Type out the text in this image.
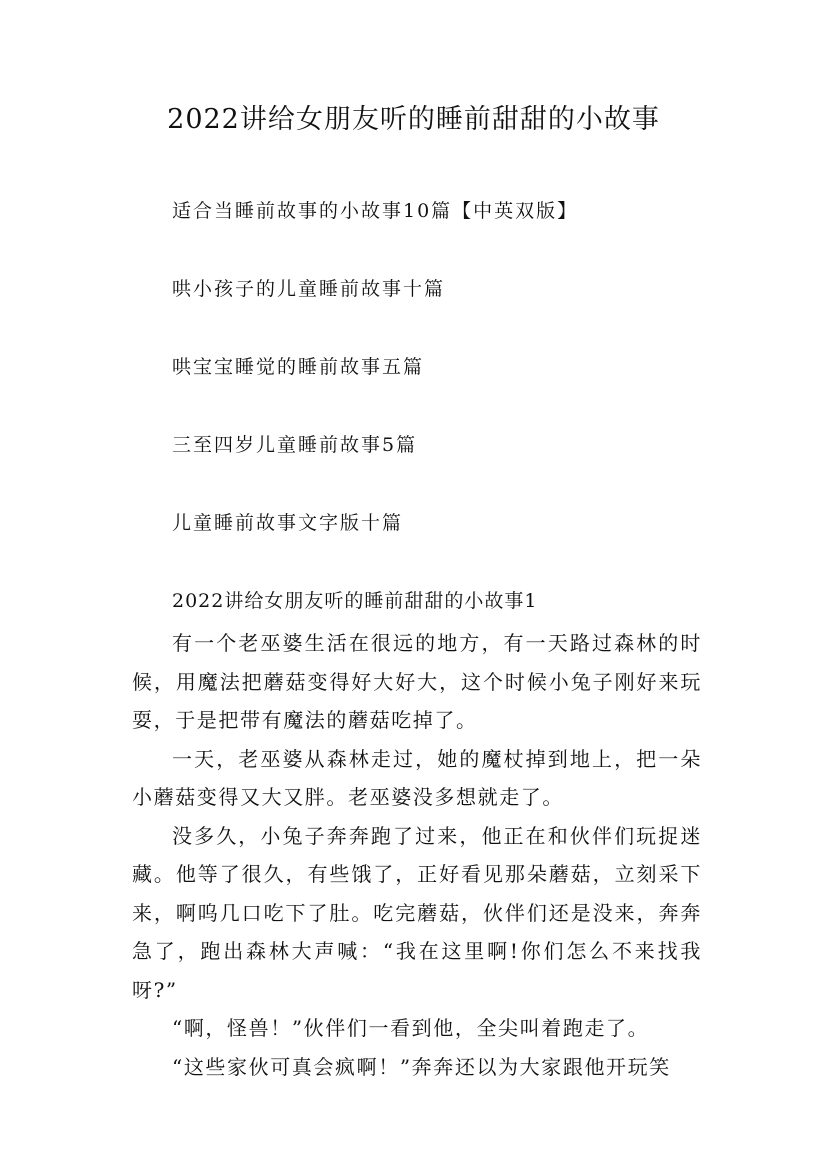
2022讲给女朋友听的睡前甜甜的小故事
适合当睡前故事的小故事10篇【中英双版】
哄小孩子的儿童睡前故事十篇
哄宝宝睡觉的睡前故事五篇
三至四岁儿童睡前故事5篇
儿童睡前故事文字版十篇
2022讲给女朋友听的睡前甜甜的小故事1

有一个老巫婆生活在很远的地方，有一天路过森林的时候，用魔法把蘑菇变得好大好大，这个时候小兔子刚好来玩耍，于是把带有魔法的蘑菇吃掉了。

一天，老巫婆从森林走过，她的魔杖掉到地上，把一朵小蘑菇变得又大又胖。老巫婆没多想就走了。

没多久，小兔子奔奔跑了过来，他正在和伙伴们玩捉迷藏。他等了很久，有些饿了，正好看见那朵蘑菇，立刻采下来，啊呜几口吃下了肚。吃完蘑菇，伙伴们还是没来，奔奔急了，跑出森林大声喊：“我在这里啊!你们怎么不来找我呀?”

“啊，怪兽！”伙伴们一看到他，全尖叫着跑走了。

“这些家伙可真会疯啊！”奔奔还以为大家跟他开玩笑
